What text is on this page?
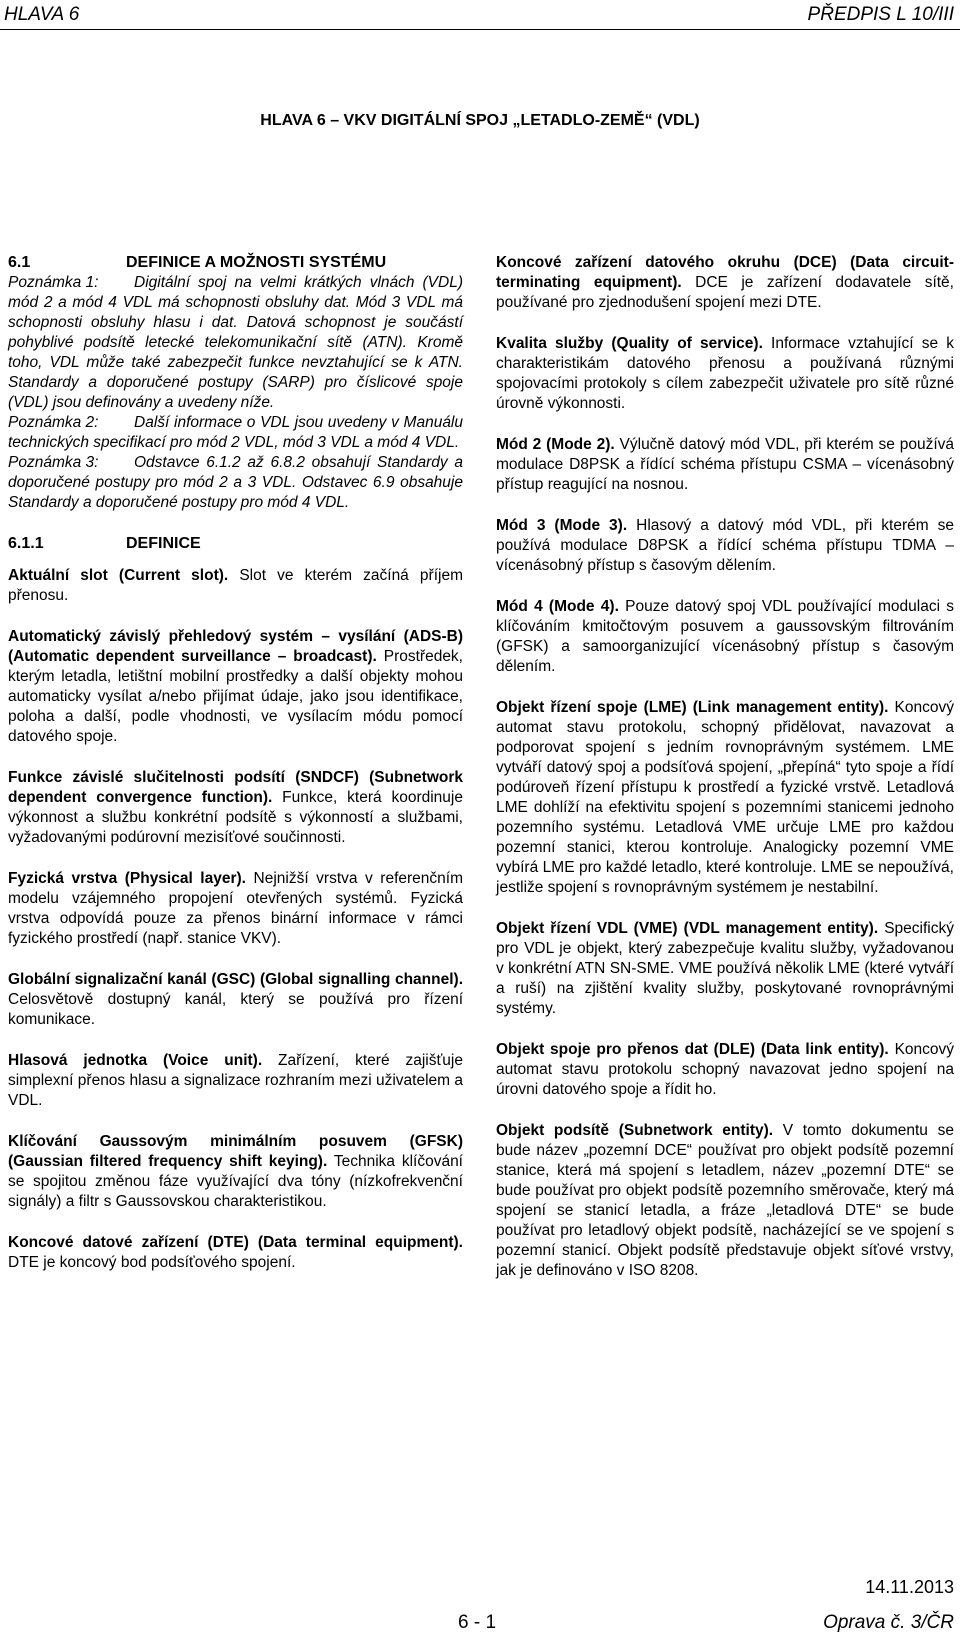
HLAVA 6	PŘEDPIS L 10/III
HLAVA 6 – VKV DIGITÁLNÍ SPOJ „LETADLO-ZEMĚ“ (VDL)
6.1	DEFINICE A MOŽNOSTI SYSTÉMU

Poznámka 1: Digitální spoj na velmi krátkých vlnách (VDL) mód 2 a mód 4 VDL má schopnosti obsluhy dat. Mód 3 VDL má schopnosti obsluhy hlasu i dat. Datová schopnost je součástí pohyblivé podsítě letecké telekomunikační sítě (ATN). Kromě toho, VDL může také zabezpečit funkce nevztahující se k ATN. Standardy a doporučené postupy (SARP) pro číslicové spoje (VDL) jsou definovány a uvedeny níže.

Poznámka 2: Další informace o VDL jsou uvedeny v Manuálu technických specifikací pro mód 2 VDL, mód 3 VDL a mód 4 VDL.

Poznámka 3: Odstavce 6.1.2 až 6.8.2 obsahují Standardy a doporučené postupy pro mód 2 a 3 VDL. Odstavec 6.9 obsahuje Standardy a doporučené postupy pro mód 4 VDL.

6.1.1	DEFINICE

Aktuální slot (Current slot). Slot ve kterém začíná příjem přenosu.

Automatický závislý přehledový systém – vysílání (ADS-B) (Automatic dependent surveillance – broadcast). Prostředek, kterým letadla, letištní mobilní prostředky a další objekty mohou automaticky vysílat a/nebo přijímat údaje, jako jsou identifikace, poloha a další, podle vhodnosti, ve vysílacím módu pomocí datového spoje.

Funkce závislé slučitelnosti podsítí (SNDCF) (Subnetwork dependent convergence function). Funkce, která koordinuje výkonnost a službu konkrétní podsítě s výkonností a službami, vyžadovanými podúrovní mezisíťové součinnosti.

Fyzická vrstva (Physical layer). Nejnižší vrstva v referenčním modelu vzájemného propojení otevřených systémů. Fyzická vrstva odpovídá pouze za přenos binární informace v rámci fyzického prostředí (např. stanice VKV).

Globální signalizační kanál (GSC) (Global signalling channel). Celosvětově dostupný kanál, který se používá pro řízení komunikace.

Hlasová jednotka (Voice unit). Zařízení, které zajišťuje simplexní přenos hlasu a signalizace rozhraním mezi uživatelem a VDL.

Klíčování Gaussovým minimálním posuvem (GFSK) (Gaussian filtered frequency shift keying). Technika klíčování se spojitou změnou fáze využívající dva tóny (nízkofrekvenční signály) a filtr s Gaussovskou charakteristikou.

Koncové datové zařízení (DTE) (Data terminal equipment). DTE je koncový bod podsíťového spojení.

Koncové zařízení datového okruhu (DCE) (Data circuit-terminating equipment). DCE je zařízení dodavatele sítě, používané pro zjednodušení spojení mezi DTE.

Kvalita služby (Quality of service). Informace vztahující se k charakteristikám datového přenosu a používaná různými spojovacími protokoly s cílem zabezpečit uživatele pro sítě různé úrovně výkonnosti.

Mód 2 (Mode 2). Výlučně datový mód VDL, při kterém se používá modulace D8PSK a řídící schéma přístupu CSMA – vícenásobný přístup reagující na nosnou.

Mód 3 (Mode 3). Hlasový a datový mód VDL, při kterém se používá modulace D8PSK a řídící schéma přístupu TDMA – vícenásobný přístup s časovým dělením.

Mód 4 (Mode 4). Pouze datový spoj VDL používající modulaci s klíčováním kmitočtovým posuvem a gaussovským filtrováním (GFSK) a samoorganizující vícenásobný přístup s časovým dělením.

Objekt řízení spoje (LME) (Link management entity). Koncový automat stavu protokolu, schopný přidělovat, navazovat a podporovat spojení s jedním rovnoprávným systémem. LME vytváří datový spoj a podsíťová spojení, „přepíná“ tyto spoje a řídí podúroveň řízení přístupu k prostředí a fyzické vrstvě. Letadlová LME dohlíží na efektivitu spojení s pozemními stanicemi jednoho pozemního systému. Letadlová VME určuje LME pro každou pozemní stanici, kterou kontroluje. Analogicky pozemní VME vybírá LME pro každé letadlo, které kontroluje. LME se nepoužívá, jestliže spojení s rovnoprávným systémem je nestabilní.

Objekt řízení VDL (VME) (VDL management entity). Specifický pro VDL je objekt, který zabezpečuje kvalitu služby, vyžadovanou v konkrétní ATN SN-SME. VME používá několik LME (které vytváří a ruší) na zjištění kvality služby, poskytované rovnoprávnými systémy.

Objekt spoje pro přenos dat (DLE) (Data link entity). Koncový automat stavu protokolu schopný navazovat jedno spojení na úrovni datového spoje a řídit ho.

Objekt podsítě (Subnetwork entity). V tomto dokumentu se bude název „pozemní DCE“ používat pro objekt podsítě pozemní stanice, která má spojení s letadlem, název „pozemní DTE“ se bude používat pro objekt podsítě pozemního směrovače, který má spojení se stanicí letadla, a fráze „letadlová DTE“ se bude používat pro letadlový objekt podsítě, nacházející se ve spojení s pozemní stanicí. Objekt podsítě představuje objekt síťové vrstvy, jak je definováno v ISO 8208.

14.11.2013
6 - 1	Oprava č. 3/ČR
